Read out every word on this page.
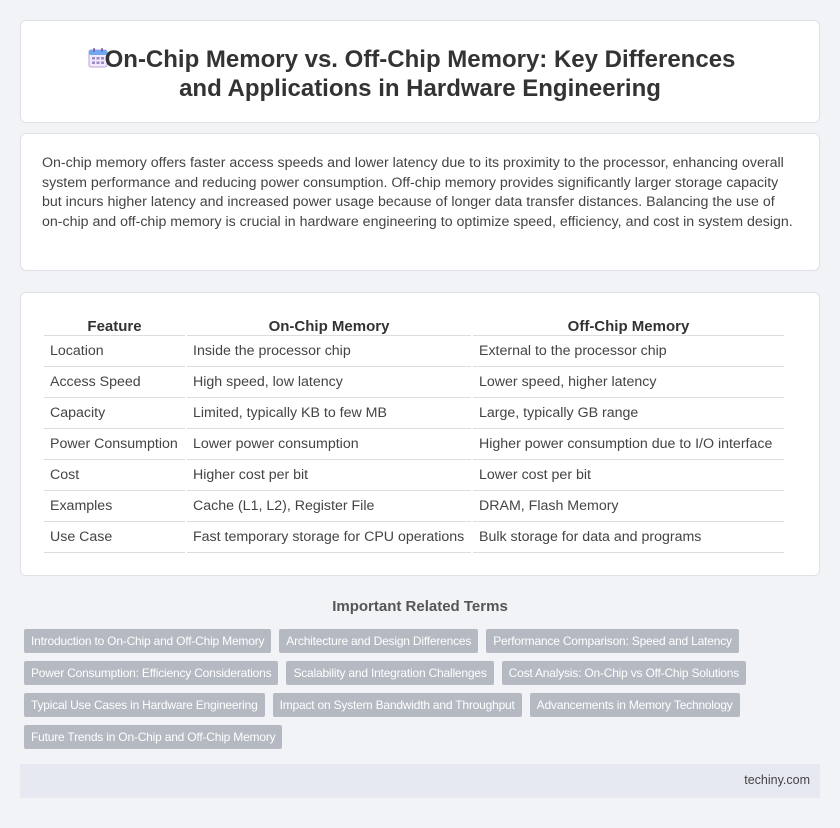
On-Chip Memory vs. Off-Chip Memory: Key Differences and Applications in Hardware Engineering

On-chip memory offers faster access speeds and lower latency due to its proximity to the processor, enhancing overall system performance and reducing power consumption. Off-chip memory provides significantly larger storage capacity but incurs higher latency and increased power usage because of longer data transfer distances. Balancing the use of on-chip and off-chip memory is crucial in hardware engineering to optimize speed, efficiency, and cost in system design.

Feature	On-Chip Memory	Off-Chip Memory
Location	Inside the processor chip	External to the processor chip
Access Speed	High speed, low latency	Lower speed, higher latency
Capacity	Limited, typically KB to few MB	Large, typically GB range
Power Consumption	Lower power consumption	Higher power consumption due to I/O interface
Cost	Higher cost per bit	Lower cost per bit
Examples	Cache (L1, L2), Register File	DRAM, Flash Memory
Use Case	Fast temporary storage for CPU operations	Bulk storage for data and programs
Important Related Terms
Introduction to On-Chip and Off-Chip Memory	Architecture and Design Differences	Performance Comparison: Speed and Latency
Power Consumption: Efficiency Considerations	Scalability and Integration Challenges	Cost Analysis: On-Chip vs Off-Chip Solutions
Typical Use Cases in Hardware Engineering	Impact on System Bandwidth and Throughput	Advancements in Memory Technology
Future Trends in On-Chip and Off-Chip Memory
techiny.com
